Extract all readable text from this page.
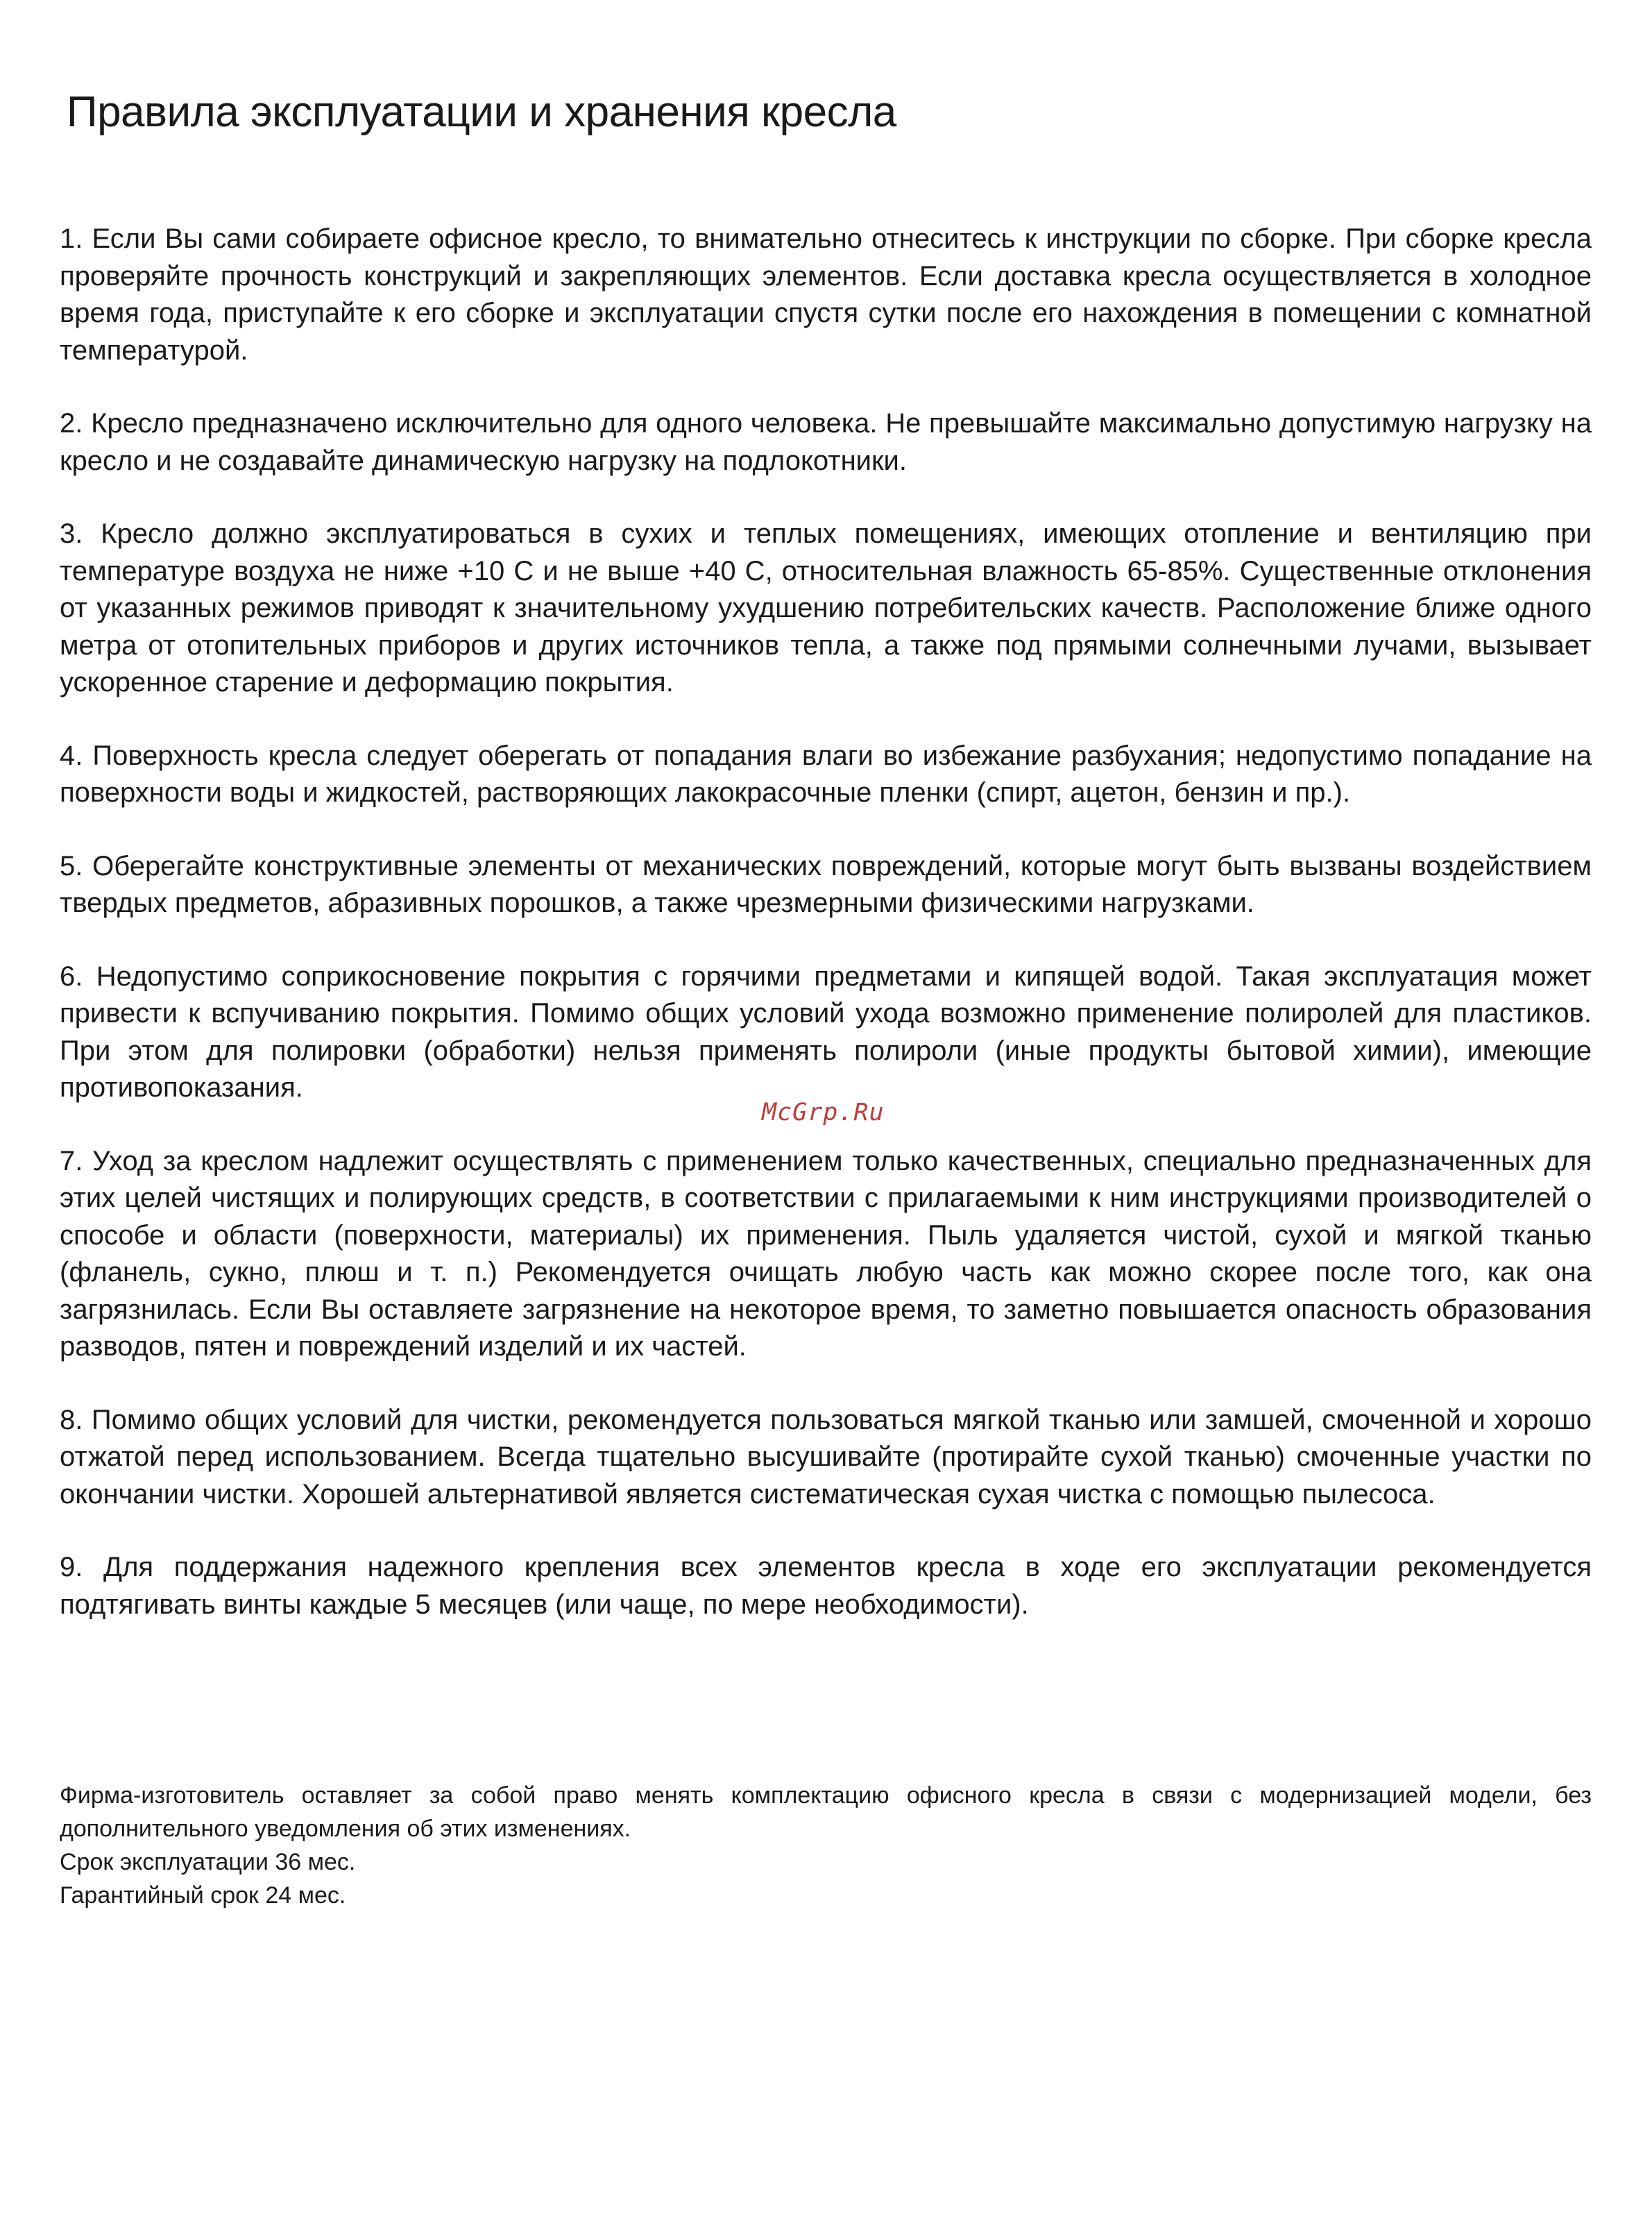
Правила эксплуатации и хранения кресла
1. Если Вы сами собираете офисное кресло, то внимательно отнеситесь к инструкции по сборке. При сборке кресла проверяйте прочность конструкций и закрепляющих элементов. Если доставка кресла осуществляется в холодное время года, приступайте к его сборке и эксплуатации спустя сутки после его нахождения в помещении с комнатной температурой.
2. Кресло предназначено исключительно для одного человека. Не превышайте максимально допустимую нагрузку на кресло и не создавайте динамическую нагрузку на подлокотники.
3. Кресло должно эксплуатироваться в сухих и теплых помещениях, имеющих отопление и вентиляцию при температуре воздуха не ниже +10 С и не выше +40 С, относительная влажность 65-85%. Существенные отклонения от указанных режимов приводят к значительному ухудшению потребительских качеств. Расположение ближе одного метра от отопительных приборов и других источников тепла, а также под прямыми солнечными лучами, вызывает ускоренное старение и деформацию покрытия.
4. Поверхность кресла следует оберегать от попадания влаги во избежание разбухания; недопустимо попадание на поверхности воды и жидкостей, растворяющих лакокрасочные пленки (спирт, ацетон, бензин и пр.).
5. Оберегайте конструктивные элементы от механических повреждений, которые могут быть вызваны воздействием твердых предметов, абразивных порошков, а также чрезмерными физическими нагрузками.
6. Недопустимо соприкосновение покрытия с горячими предметами и кипящей водой. Такая эксплуатация может привести к вспучиванию покрытия. Помимо общих условий ухода возможно применение полиролей для пластиков. При этом для полировки (обработки) нельзя применять полироли (иные продукты бытовой химии), имеющие противопоказания.
7. Уход за креслом надлежит осуществлять с применением только качественных, специально предназначенных для этих целей чистящих и полирующих средств, в соответствии с прилагаемыми к ним инструкциями производителей о способе и области (поверхности, материалы) их применения. Пыль удаляется чистой, сухой и мягкой тканью (фланель, сукно, плюш и т. п.) Рекомендуется очищать любую часть как можно скорее после того, как она загрязнилась. Если Вы оставляете загрязнение на некоторое время, то заметно повышается опасность образования разводов, пятен и повреждений изделий и их частей.
8. Помимо общих условий для чистки, рекомендуется пользоваться мягкой тканью или замшей, смоченной и хорошо отжатой перед использованием. Всегда тщательно высушивайте (протирайте сухой тканью) смоченные участки по окончании чистки. Хорошей альтернативой является систематическая сухая чистка с помощью пылесоса.
9. Для поддержания надежного крепления всех элементов кресла в ходе его эксплуатации рекомендуется подтягивать винты каждые 5 месяцев (или чаще, по мере необходимости).
McGrp.Ru

Фирма-изготовитель оставляет за собой право менять комплектацию офисного кресла в связи с модернизацией модели, без дополнительного уведомления об этих изменениях.

Срок эксплуатации 36 мес.

Гарантийный срок 24 мес.
